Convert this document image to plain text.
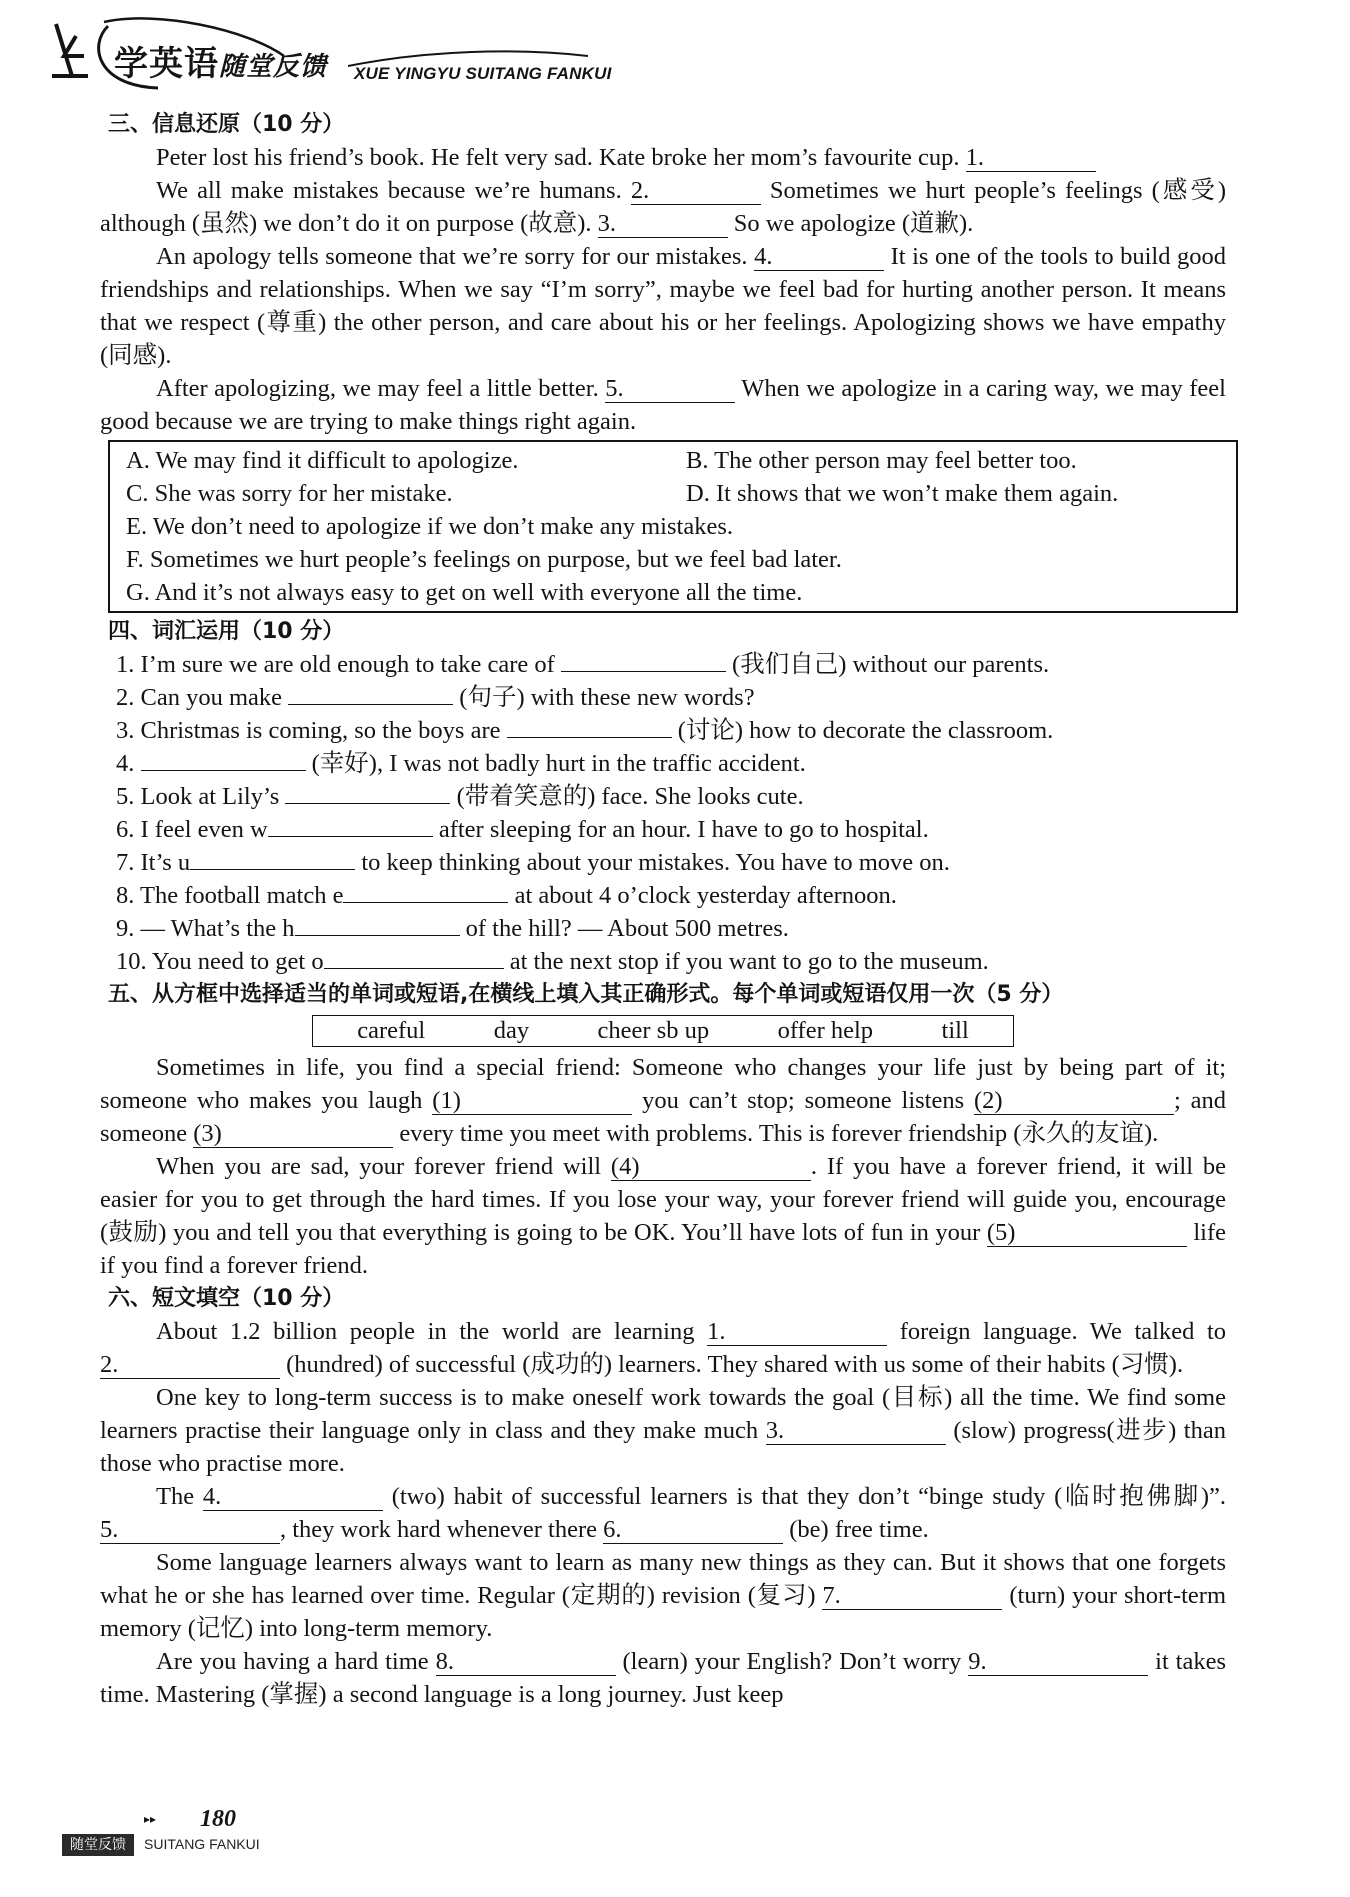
学英语随堂反馈 XUE YINGYU SUITANG FANKUI
三、信息还原（10 分）

Peter lost his friend’s book. He felt very sad. Kate broke her mom’s favourite cup. 1.

We all make mistakes because we’re humans. 2.	Sometimes we hurt people’s feelings (感受) although (虽然) we don’t do it on purpose (故意). 3.	So we apologize (道歉).

An apology tells someone that we’re sorry for our mistakes. 4.	It is one of the tools to build good friendships and relationships. When we say “I’m sorry”, maybe we feel bad for hurting another person. It means that we respect (尊重) the other person, and care about his or her feelings. Apologizing shows we have empathy (同感).

After apologizing, we may feel a little better. 5.	When we apologize in a caring way, we may feel good because we are trying to make things right again.

A. We may find it difficult to apologize.	B. The other person may feel better too.
C. She was sorry for her mistake.	D. It shows that we won’t make them again.
E. We don’t need to apologize if we don’t make any mistakes.
F. Sometimes we hurt people’s feelings on purpose, but we feel bad later.
G. And it’s not always easy to get on well with everyone all the time.
四、词汇运用（10 分）
1. I’m sure we are old enough to take care of	(我们自己) without our parents.
2. Can you make	(句子) with these new words?
3. Christmas is coming, so the boys are	(讨论) how to decorate the classroom.
4.	(幸好), I was not badly hurt in the traffic accident.
5. Look at Lily’s	(带着笑意的) face. She looks cute.
6. I feel even w	after sleeping for an hour. I have to go to hospital.
7. It’s u	to keep thinking about your mistakes. You have to move on.
8. The football match e	at about 4 o’clock yesterday afternoon.
9. — What’s the h	of the hill? — About 500 metres.
10. You need to get o	at the next stop if you want to go to the museum.
五、从方框中选择适当的单词或短语,在横线上填入其正确形式。每个单词或短语仅用一次（5 分）
careful	day	cheer sb up	offer help	till

Sometimes in life, you find a special friend: Someone who changes your life just by being part of it; someone who makes you laugh (1)	you can’t stop; someone listens (2)	; and someone (3)	every time you meet with problems. This is forever friendship (永久的友谊).

When you are sad, your forever friend will (4)	. If you have a forever friend, it will be easier for you to get through the hard times. If you lose your way, your forever friend will guide you, encourage (鼓励) you and tell you that everything is going to be OK. You’ll have lots of fun in your (5)	life if you find a forever friend.

六、短文填空（10 分）

About 1.2 billion people in the world are learning 1.	foreign language. We talked to 2.	(hundred) of successful (成功的) learners. They shared with us some of their habits (习惯).

One key to long-term success is to make oneself work towards the goal (目标) all the time. We find some learners practise their language only in class and they make much 3.	(slow) progress(进步) than those who practise more.

The 4.	(two) habit of successful learners is that they don’t “binge study (临时抱佛脚)”. 5.	, they work hard whenever there 6.	(be) free time.

Some language learners always want to learn as many new things as they can. But it shows that one forgets what he or she has learned over time. Regular (定期的) revision (复习) 7.	(turn) your short-term memory (记忆) into long-term memory.

Are you having a hard time 8.	(learn) your English? Don’t worry 9.	it takes time. Mastering (掌握) a second language is a long journey. Just keep

▸▸ 180
随堂反馈	SUITANG FANKUI
